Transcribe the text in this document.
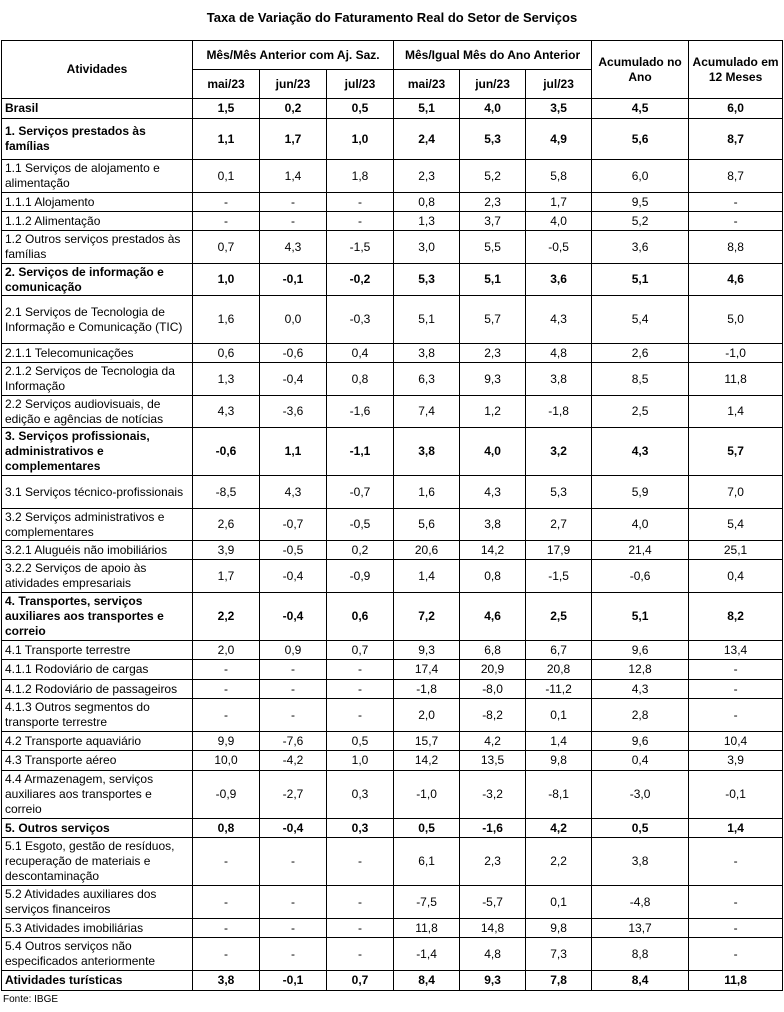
Taxa de Variação do Faturamento Real do Setor de Serviços
Atividades	Mês/Mês Anterior com Aj. Saz.			Mês/Igual Mês do Ano Anterior			Acumulado no Ano	Acumulado em 12 Meses
	mai/23	jun/23	jul/23	mai/23	jun/23	jul/23		
Brasil	1,5	0,2	0,5	5,1	4,0	3,5	4,5	6,0
1. Serviços prestados às famílias	1,1	1,7	1,0	2,4	5,3	4,9	5,6	8,7
1.1 Serviços de alojamento e alimentação	0,1	1,4	1,8	2,3	5,2	5,8	6,0	8,7
1.1.1 Alojamento	-	-	-	0,8	2,3	1,7	9,5	-
1.1.2 Alimentação	-	-	-	1,3	3,7	4,0	5,2	-
1.2 Outros serviços prestados às famílias	0,7	4,3	-1,5	3,0	5,5	-0,5	3,6	8,8
2. Serviços de informação e comunicação	1,0	-0,1	-0,2	5,3	5,1	3,6	5,1	4,6
2.1 Serviços de Tecnologia de Informação e Comunicação (TIC)	1,6	0,0	-0,3	5,1	5,7	4,3	5,4	5,0
2.1.1 Telecomunicações	0,6	-0,6	0,4	3,8	2,3	4,8	2,6	-1,0
2.1.2 Serviços de Tecnologia da Informação	1,3	-0,4	0,8	6,3	9,3	3,8	8,5	11,8
2.2 Serviços audiovisuais, de edição e agências de notícias	4,3	-3,6	-1,6	7,4	1,2	-1,8	2,5	1,4
3. Serviços profissionais, administrativos e complementares	-0,6	1,1	-1,1	3,8	4,0	3,2	4,3	5,7
3.1 Serviços técnico-profissionais	-8,5	4,3	-0,7	1,6	4,3	5,3	5,9	7,0
3.2 Serviços administrativos e complementares	2,6	-0,7	-0,5	5,6	3,8	2,7	4,0	5,4
3.2.1 Aluguéis não imobiliários	3,9	-0,5	0,2	20,6	14,2	17,9	21,4	25,1
3.2.2 Serviços de apoio às atividades empresariais	1,7	-0,4	-0,9	1,4	0,8	-1,5	-0,6	0,4
4. Transportes, serviços auxiliares aos transportes e correio	2,2	-0,4	0,6	7,2	4,6	2,5	5,1	8,2
4.1 Transporte terrestre	2,0	0,9	0,7	9,3	6,8	6,7	9,6	13,4
4.1.1 Rodoviário de cargas	-	-	-	17,4	20,9	20,8	12,8	-
4.1.2 Rodoviário de passageiros	-	-	-	-1,8	-8,0	-11,2	4,3	-
4.1.3 Outros segmentos do transporte terrestre	-	-	-	2,0	-8,2	0,1	2,8	-
4.2 Transporte aquaviário	9,9	-7,6	0,5	15,7	4,2	1,4	9,6	10,4
4.3 Transporte aéreo	10,0	-4,2	1,0	14,2	13,5	9,8	0,4	3,9
4.4 Armazenagem, serviços auxiliares aos transportes e correio	-0,9	-2,7	0,3	-1,0	-3,2	-8,1	-3,0	-0,1
5. Outros serviços	0,8	-0,4	0,3	0,5	-1,6	4,2	0,5	1,4
5.1 Esgoto, gestão de resíduos, recuperação de materiais e descontaminação	-	-	-	6,1	2,3	2,2	3,8	-
5.2 Atividades auxiliares dos serviços financeiros	-	-	-	-7,5	-5,7	0,1	-4,8	-
5.3 Atividades imobiliárias	-	-	-	11,8	14,8	9,8	13,7	-
5.4 Outros serviços não especificados anteriormente	-	-	-	-1,4	4,8	7,3	8,8	-
Atividades turísticas	3,8	-0,1	0,7	8,4	9,3	7,8	8,4	11,8
Fonte: IBGE
